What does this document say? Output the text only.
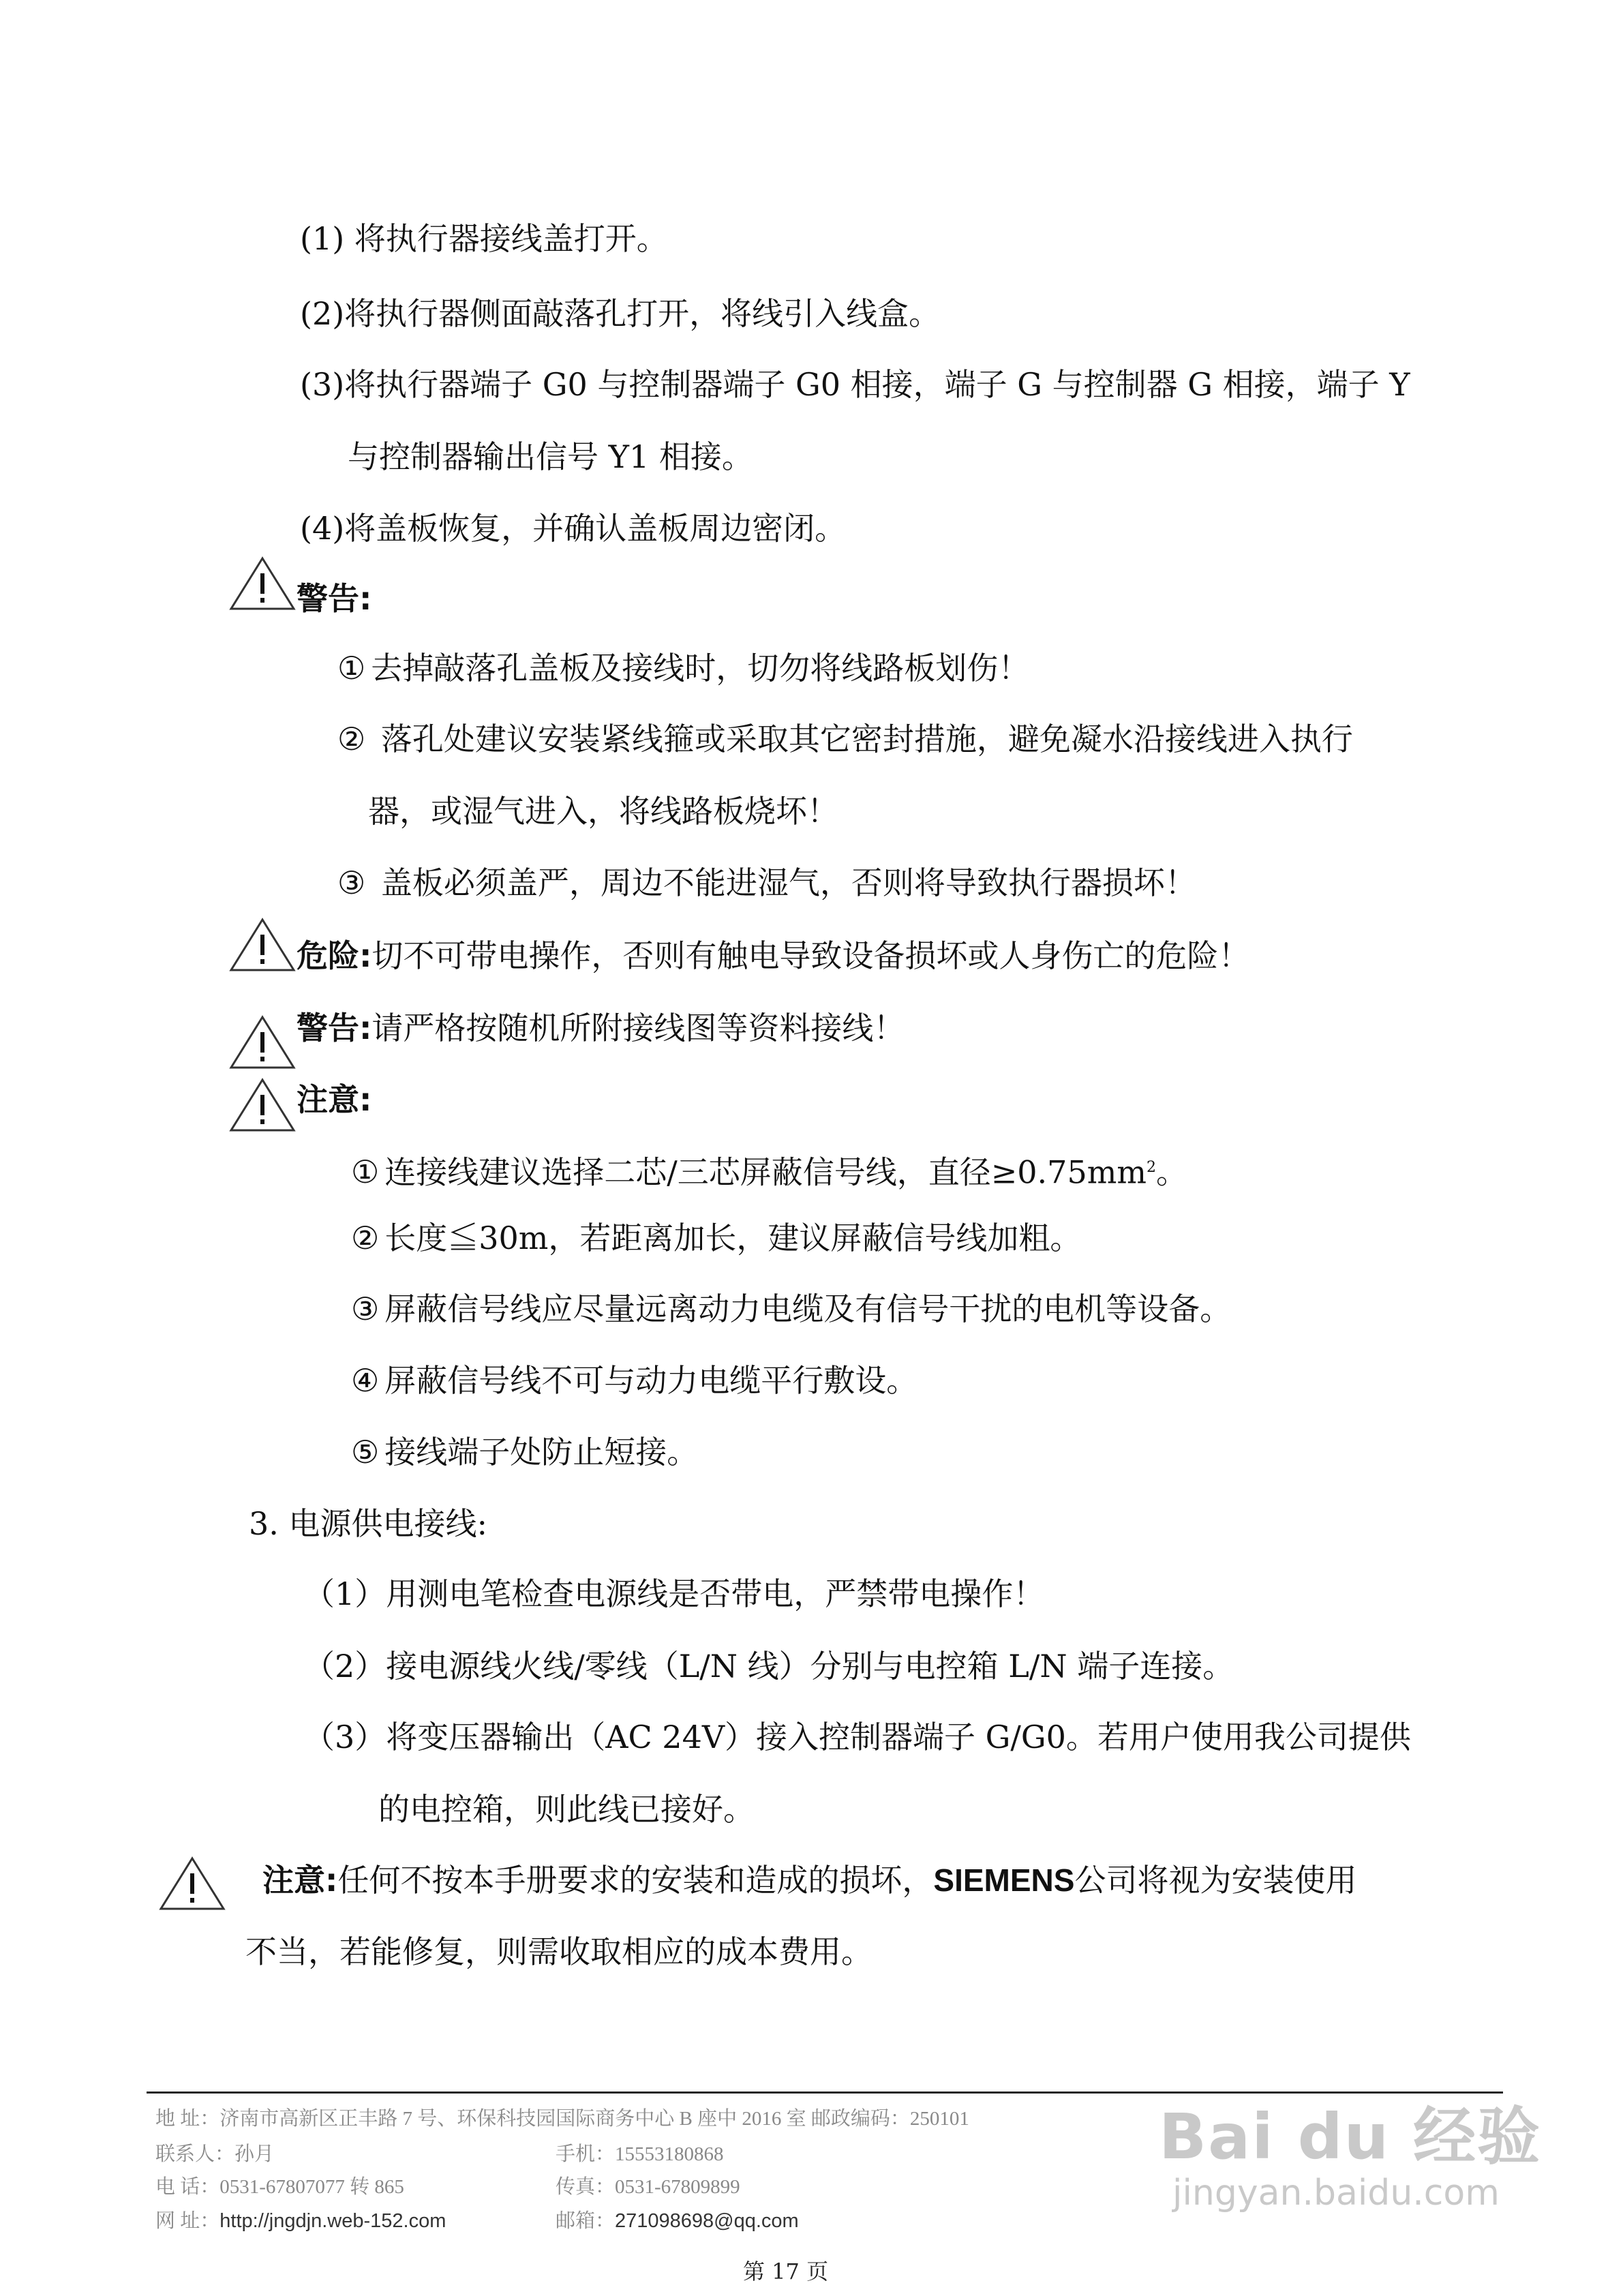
(1) 将执行器接线盖打开。
(2)将执行器侧面敲落孔打开，将线引入线盒。
(3)将执行器端子 G0 与控制器端子 G0 相接，端子 G 与控制器 G 相接，端子 Y
与控制器输出信号 Y1 相接。
(4)将盖板恢复，并确认盖板周边密闭。
警告:
① 去掉敲落孔盖板及接线时，切勿将线路板划伤！
② 落孔处建议安装紧线箍或采取其它密封措施，避免凝水沿接线进入执行
器，或湿气进入，将线路板烧坏！
③ 盖板必须盖严，周边不能进湿气，否则将导致执行器损坏！
危险:切不可带电操作，否则有触电导致设备损坏或人身伤亡的危险！
警告:请严格按随机所附接线图等资料接线！
注意:
① 连接线建议选择二芯/三芯屏蔽信号线，直径$\ge 0.75mm^2$。
② 长度≦30m，若距离加长，建议屏蔽信号线加粗。
③ 屏蔽信号线应尽量远离动力电缆及有信号干扰的电机等设备。
④ 屏蔽信号线不可与动力电缆平行敷设。
⑤ 接线端子处防止短接。
3. 电源供电接线:
（1）用测电笔检查电源线是否带电，严禁带电操作！
（2）接电源线火线/零线（L/N 线）分别与电控箱 L/N 端子连接。
（3）将变压器输出（AC 24V）接入控制器端子 G/G0。若用户使用我公司提供
的电控箱，则此线已接好。
注意:任何不按本手册要求的安装和造成的损坏，SIEMENS公司将视为安装使用
不当，若能修复，则需收取相应的成本费用。
地 址：济南市高新区正丰路 7 号、环保科技园国际商务中心 B 座中 2016 室 邮政编码：250101
联系人：孙月	手机：15553180868
电 话：0531-67807077 转 865	传真：0531-67809899
网 址：http://jngdjn.web-152.com	邮箱：271098698@qq.com
Bai du 经验
jingyan.baidu.com
第 17 页
